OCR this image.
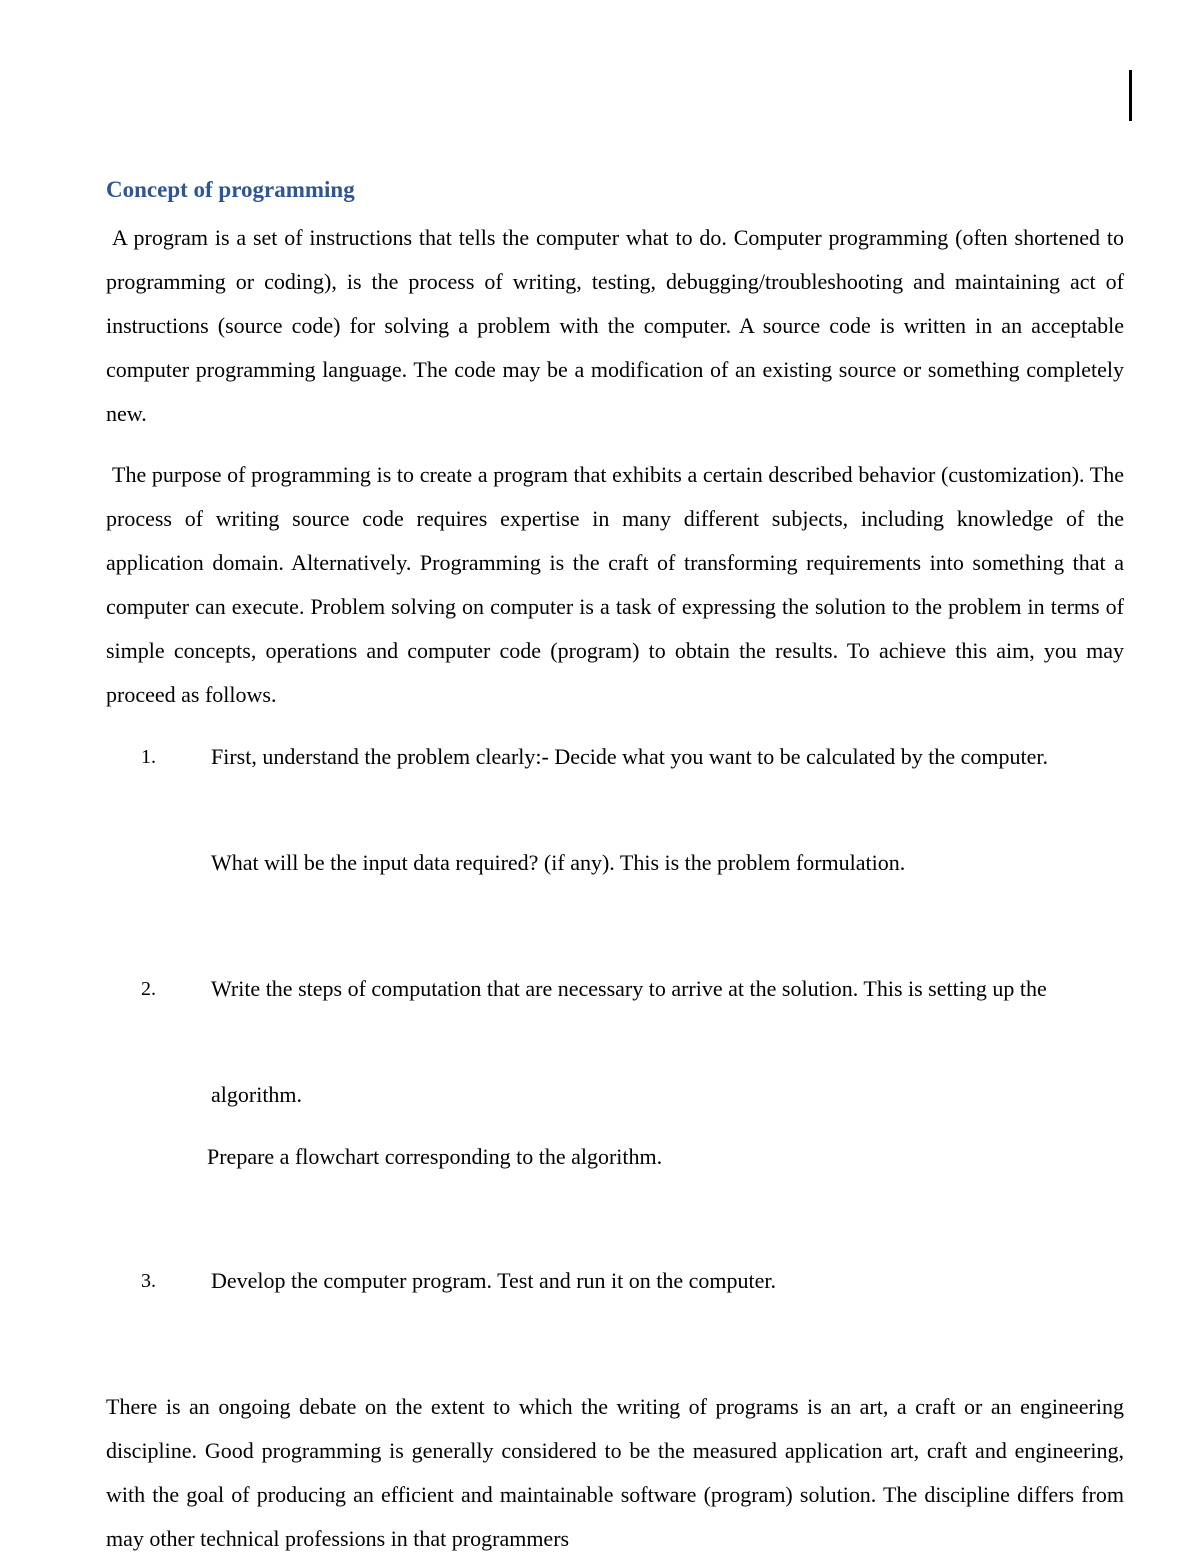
Concept of programming

A program is a set of instructions that tells the computer what to do. Computer programming (often shortened to programming or coding), is the process of writing, testing, debugging/troubleshooting and maintaining act of instructions (source code) for solving a problem with the computer. A source code is written in an acceptable computer programming language. The code may be a modification of an existing source or something completely new.

The purpose of programming is to create a program that exhibits a certain described behavior (customization). The process of writing source code requires expertise in many different subjects, including knowledge of the application domain. Alternatively. Programming is the craft of transforming requirements into something that a computer can execute. Problem solving on computer is a task of expressing the solution to the problem in terms of simple concepts, operations and computer code (program) to obtain the results. To achieve this aim, you may proceed as follows.

1.	First, understand the problem clearly:- Decide what you want to be calculated by the computer.

What will be the input data required? (if any). This is the problem formulation.

2.	Write the steps of computation that are necessary to arrive at the solution. This is setting up the

algorithm.

Prepare a flowchart corresponding to the algorithm.

3.	Develop the computer program. Test and run it on the computer.

There is an ongoing debate on the extent to which the writing of programs is an art, a craft or an engineering discipline. Good programming is generally considered to be the measured application art, craft and engineering, with the goal of producing an efficient and maintainable software (program) solution. The discipline differs from may other technical professions in that programmers
